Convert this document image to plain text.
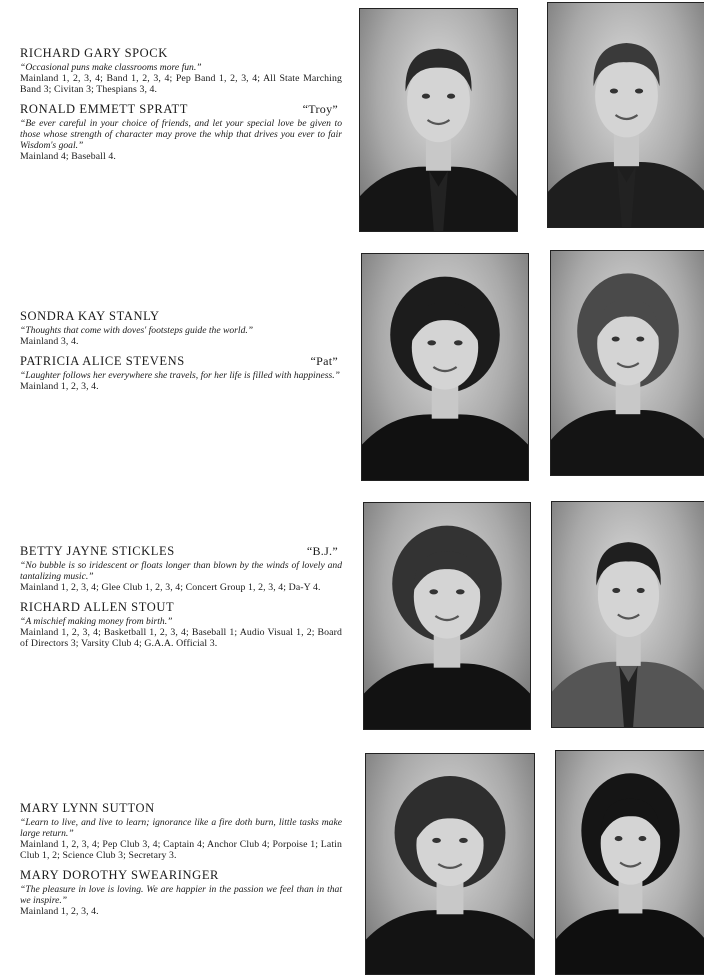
RICHARD GARY SPOCK
“Occasional puns make classrooms more fun.”
Mainland 1, 2, 3, 4; Band 1, 2, 3, 4; Pep Band 1, 2, 3, 4; All State Marching Band 3; Civitan 3; Thespians 3, 4.
RONALD EMMETT SPRATT	“Troy”
“Be ever careful in your choice of friends, and let your special love be given to those whose strength of character may prove the whip that drives you ever to fair Wisdom's goal.”
Mainland 4; Baseball 4.
SONDRA KAY STANLY
“Thoughts that come with doves' footsteps guide the world.”
Mainland 3, 4.
PATRICIA ALICE STEVENS	“Pat”
“Laughter follows her everywhere she travels, for her life is filled with happiness.”
Mainland 1, 2, 3, 4.
BETTY JAYNE STICKLES	“B.J.”
“No bubble is so iridescent or floats longer than blown by the winds of lovely and tantalizing music.”
Mainland 1, 2, 3, 4; Glee Club 1, 2, 3, 4; Concert Group 1, 2, 3, 4; Da-Y 4.
RICHARD ALLEN STOUT
“A mischief making money from birth.”
Mainland 1, 2, 3, 4; Basketball 1, 2, 3, 4; Baseball 1; Audio Visual 1, 2; Board of Directors 3; Varsity Club 4; G.A.A. Official 3.
MARY LYNN SUTTON
“Learn to live, and live to learn; ignorance like a fire doth burn, little tasks make large return.”
Mainland 1, 2, 3, 4; Pep Club 3, 4; Captain 4; Anchor Club 4; Porpoise 1; Latin Club 1, 2; Science Club 3; Secretary 3.
MARY DOROTHY SWEARINGER
“The pleasure in love is loving. We are happier in the passion we feel than in that we inspire.”
Mainland 1, 2, 3, 4.
